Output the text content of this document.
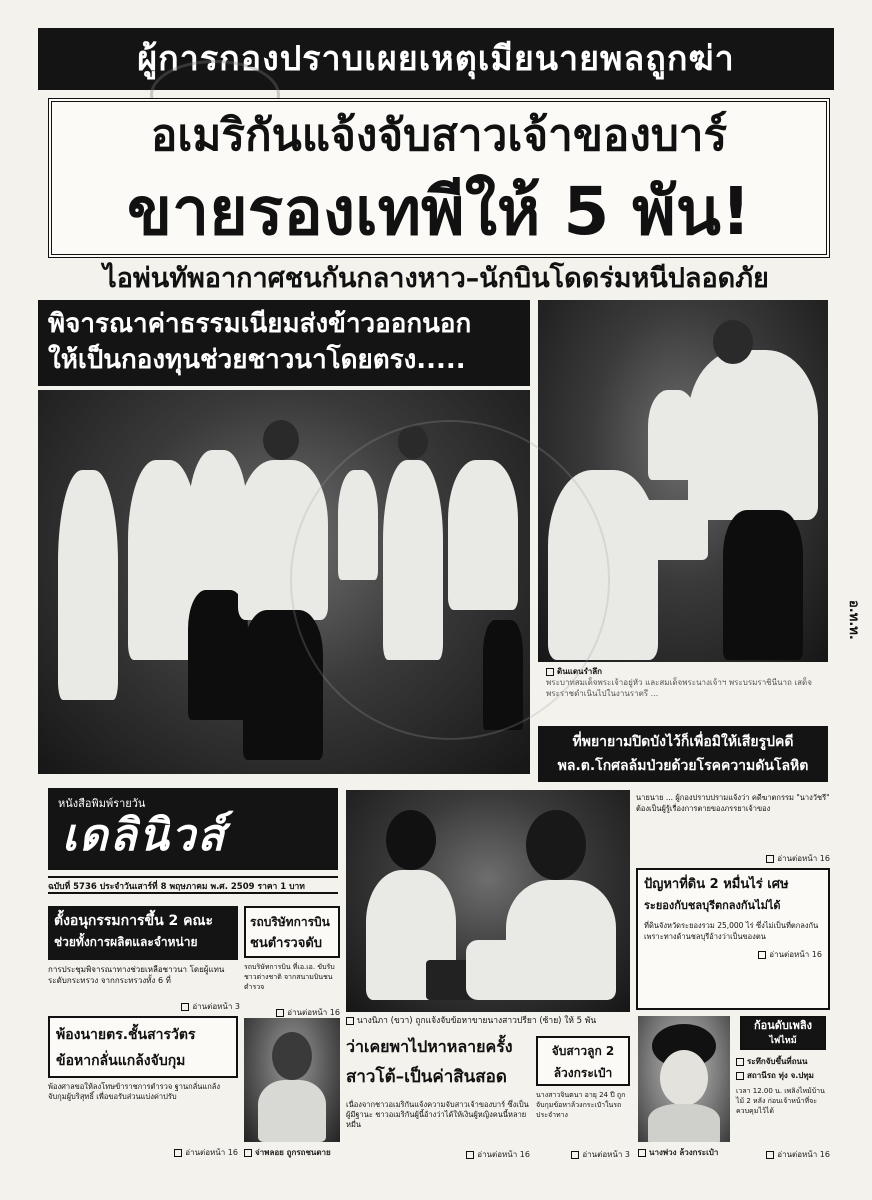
ผู้การกองปราบเผยเหตุเมียนายพลถูกฆ่า
อเมริกันแจ้งจับสาวเจ้าของบาร์
ขายรองเทพีให้ 5 พัน!
ไอพ่นทัพอากาศชนกันกลางหาว–นักบินโดดร่มหนีปลอดภัย
พิจารณาค่าธรรมเนียมส่งข้าวออกนอก
ให้เป็นกองทุนช่วยชาวนาโดยตรง.....
อ.ท.ท.
ดินแดนรำลึก
พระบาทสมเด็จพระเจ้าอยู่หัว และสมเด็จพระนางเจ้าฯ พระบรมราชินีนาถ เสด็จพระราชดำเนินไปในงานราตรี ...
ที่พยายามปิดบังไว้ก็เพื่อมิให้เสียรูปคดี
พล.ต.โกศลล้มป่วยด้วยโรคความดันโลหิต
หนังสือพิมพ์รายวัน
เดลินิวส์
ฉบับที่ 5736 ประจำวันเสาร์ที่ 8 พฤษภาคม พ.ศ. 2509 ราคา 1 บาท
ตั้งอนุกรรมการขึ้น 2 คณะ
ช่วยทั้งการผลิตและจำหน่าย
การประชุมพิจารณาทางช่วยเหลือชาวนา โดยผู้แทนระดับกระทรวง จากกระทรวงทั้ง 6 ที่
อ่านต่อหน้า 3
รถบริษัทการบิน
ชนตำรวจดับ
รถบริษัทการบิน ที่เอ.เอ. ขับรับชาวต่างชาติ จากสนามบินชนตำรวจ
อ่านต่อหน้า 16
นางนิภา (ขวา) ถูกแจ้งจับข้อหาขายนางสาวปรียา (ซ้าย) ให้ 5 พัน
ว่าเคยพาไปหาหลายครั้ง
สาวโต้–เป็นค่าสินสอด
เนื่องจากชาวอเมริกันแจ้งความจับสาวเจ้าของบาร์ ซึ่งเป็นผู้มีฐานะ ชาวอเมริกันผู้นี้อ้างว่าได้ให้เงินผู้หญิงคนนี้หลายหมื่น
อ่านต่อหน้า 16
จับสาวลูก 2
ล้วงกระเป๋า
นางสาวจินตนา อายุ 24 ปี ถูกจับกุมข้อหาล้วงกระเป๋าในรถประจำทาง
อ่านต่อหน้า 3
พ้องนายตร.ชั้นสารวัตร
ข้อหากลั่นแกล้งจับกุม
พ้องศาลขอให้ลงโทษข้าราชการตำรวจ ฐานกลั่นแกล้งจับกุมผู้บริสุทธิ์ เพื่อขอรับส่วนแบ่งค่าปรับ
อ่านต่อหน้า 16	จ่าพลอย ถูกรถชนตาย
นายนาย ... ผู้กองปราบปรามแจ้งว่า คดีฆาตกรรม "นางวัชรี" ต้องเป็นผู้รู้เรื่องการตายของภรรยาเจ้าของ
อ่านต่อหน้า 16
ปัญหาที่ดิน 2 หมื่นไร่ เศษ
ระยองกับชลบุรีตกลงกันไม่ได้
ที่ดินจังหวัดระยองรวม 25,000 ไร่ ซึ่งไม่เป็นที่ตกลงกัน เพราะทางด้านชลบุรีอ้างว่าเป็นของตน
อ่านต่อหน้า 16
นางพ่วง ล้วงกระเป๋า
ก้อนดับเพลิง
ไฟไหม้
ระทึกจับขึ้นที่ถนน
สถานีรถ ทุ่ง จ.ปทุม
เวลา 12.00 น. เพลิงไหม้บ้านไม้ 2 หลัง ก่อนเจ้าหน้าที่จะควบคุมไว้ได้
อ่านต่อหน้า 16
